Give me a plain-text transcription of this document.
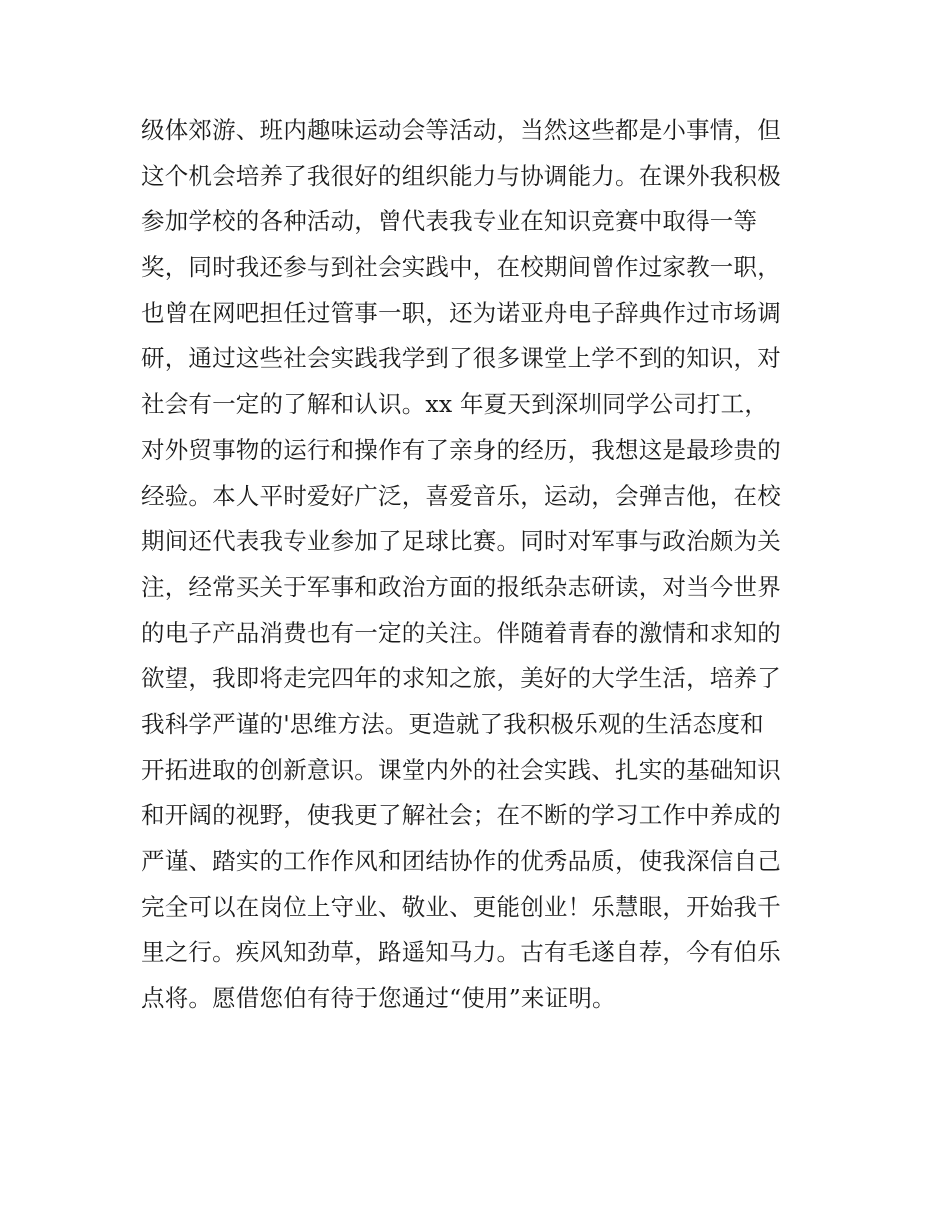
级体郊游、班内趣味运动会等活动，当然这些都是小事情，但
这个机会培养了我很好的组织能力与协调能力。在课外我积极
参加学校的各种活动，曾代表我专业在知识竞赛中取得一等
奖，同时我还参与到社会实践中，在校期间曾作过家教一职，
也曾在网吧担任过管事一职，还为诺亚舟电子辞典作过市场调
研，通过这些社会实践我学到了很多课堂上学不到的知识，对
社会有一定的了解和认识。xx 年夏天到深圳同学公司打工，
对外贸事物的运行和操作有了亲身的经历，我想这是最珍贵的
经验。本人平时爱好广泛，喜爱音乐，运动，会弹吉他，在校
期间还代表我专业参加了足球比赛。同时对军事与政治颇为关
注，经常买关于军事和政治方面的报纸杂志研读，对当今世界
的电子产品消费也有一定的关注。伴随着青春的激情和求知的
欲望，我即将走完四年的求知之旅，美好的大学生活，培养了
我科学严谨的'思维方法。更造就了我积极乐观的生活态度和
开拓进取的创新意识。课堂内外的社会实践、扎实的基础知识
和开阔的视野，使我更了解社会；在不断的学习工作中养成的
严谨、踏实的工作作风和团结协作的优秀品质，使我深信自己
完全可以在岗位上守业、敬业、更能创业！乐慧眼，开始我千
里之行。疾风知劲草，路遥知马力。古有毛遂自荐，今有伯乐
点将。愿借您伯有待于您通过“使用”来证明。
